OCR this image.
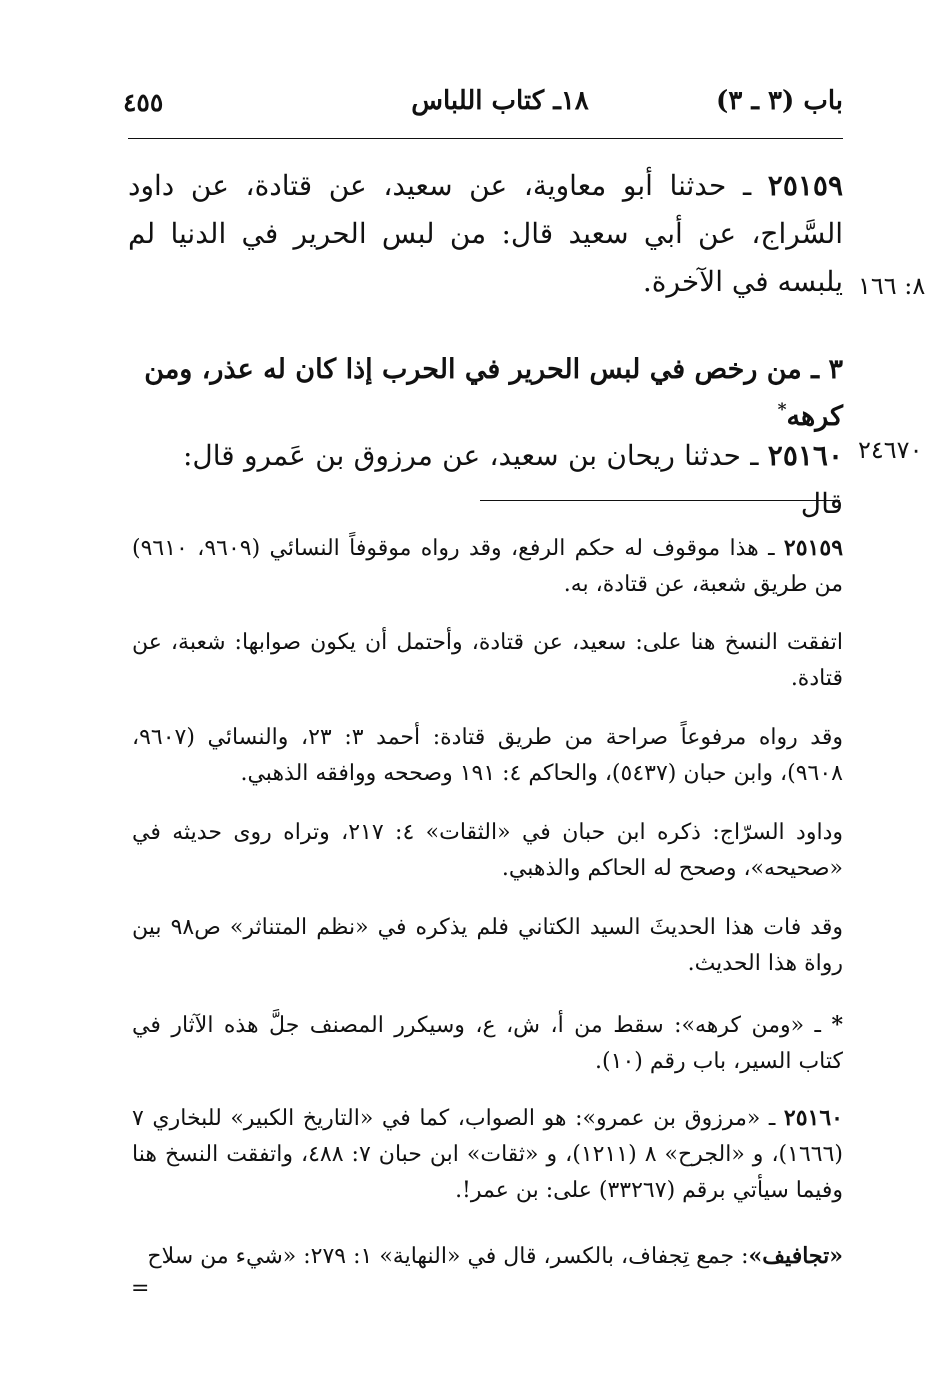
٤٥٥	١٨ـ كتاب اللباس	باب (٣ ـ ٣)
٢٥١٥٩ ـ حدثنا أبو معاوية، عن سعيد، عن قتادة، عن داود السَّراج، عن أبي سعيد قال: من لبس الحرير في الدنيا لم يلبسه في الآخرة. ٨: ١٦٦
٣ ـ من رخص في لبس الحرير في الحرب إذا كان له عذر، ومن كرهه*
٢٥١٦٠ ـ حدثنا ريحان بن سعيد، عن مرزوق بن عَمرو قال: قال
٢٤٦٧٠
٢٥١٥٩ ـ هذا موقوف له حكم الرفع، وقد رواه موقوفاً النسائي (٩٦٠٩، ٩٦١٠) من طريق شعبة، عن قتادة، به.
اتفقت النسخ هنا على: سعيد، عن قتادة، وأحتمل أن يكون صوابها: شعبة، عن قتادة.
وقد رواه مرفوعاً صراحة من طريق قتادة: أحمد ٣: ٢٣، والنسائي (٩٦٠٧، ٩٦٠٨)، وابن حبان (٥٤٣٧)، والحاكم ٤: ١٩١ وصححه ووافقه الذهبي.
وداود السرّاج: ذكره ابن حبان في «الثقات» ٤: ٢١٧، وتراه روى حديثه في «صحيحه»، وصحح له الحاكم والذهبي.
وقد فات هذا الحديثَ السيد الكتاني فلم يذكره في «نظم المتناثر» ص٩٨ بين رواة هذا الحديث.
* ـ «ومن كرهه»: سقط من أ، ش، ع، وسيكرر المصنف جلَّ هذه الآثار في كتاب السير، باب رقم (١٠).
٢٥١٦٠ ـ «مرزوق بن عمرو»: هو الصواب، كما في «التاريخ الكبير» للبخاري ٧ (١٦٦٦)، و «الجرح» ٨ (١٢١١)، و «ثقات» ابن حبان ٧: ٤٨٨، واتفقت النسخ هنا وفيما سيأتي برقم (٣٣٢٦٧) على: بن عمر!.
«تجافيف»: جمع تِجفاف، بالكسر، قال في «النهاية» ١: ٢٧٩: «شيء من سلاح
=
